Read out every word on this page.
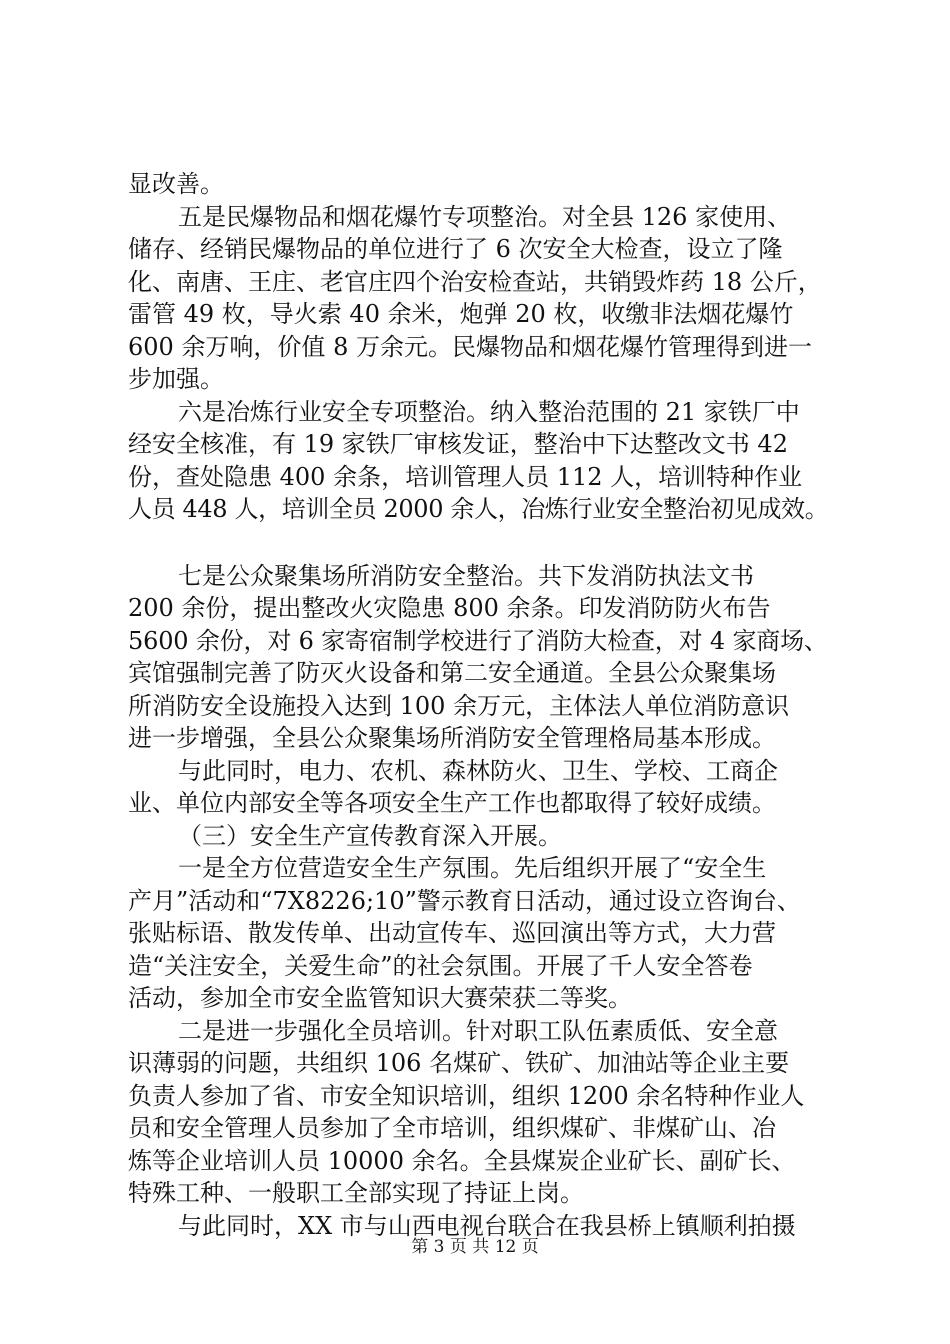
显改善。
五是民爆物品和烟花爆竹专项整治。对全县 126 家使用、
储存、经销民爆物品的单位进行了 6 次安全大检查，设立了隆
化、南唐、王庄、老官庄四个治安检查站，共销毁炸药 18 公斤，
雷管 49 枚，导火索 40 余米，炮弹 20 枚，收缴非法烟花爆竹
600 余万响，价值 8 万余元。民爆物品和烟花爆竹管理得到进一
步加强。
六是冶炼行业安全专项整治。纳入整治范围的 21 家铁厂中
经安全核准，有 19 家铁厂审核发证，整治中下达整改文书 42
份，查处隐患 400 余条，培训管理人员 112 人，培训特种作业
人员 448 人，培训全员 2000 余人，冶炼行业安全整治初见成效。
七是公众聚集场所消防安全整治。共下发消防执法文书
200 余份，提出整改火灾隐患 800 余条。印发消防防火布告
5600 余份，对 6 家寄宿制学校进行了消防大检查，对 4 家商场、
宾馆强制完善了防灭火设备和第二安全通道。全县公众聚集场
所消防安全设施投入达到 100 余万元，主体法人单位消防意识
进一步增强，全县公众聚集场所消防安全管理格局基本形成。
与此同时，电力、农机、森林防火、卫生、学校、工商企
业、单位内部安全等各项安全生产工作也都取得了较好成绩。
（三）安全生产宣传教育深入开展。
一是全方位营造安全生产氛围。先后组织开展了“安全生
产月”活动和“7X8226;10”警示教育日活动，通过设立咨询台、
张贴标语、散发传单、出动宣传车、巡回演出等方式，大力营
造“关注安全，关爱生命”的社会氛围。开展了千人安全答卷
活动，参加全市安全监管知识大赛荣获二等奖。
二是进一步强化全员培训。针对职工队伍素质低、安全意
识薄弱的问题，共组织 106 名煤矿、铁矿、加油站等企业主要
负责人参加了省、市安全知识培训，组织 1200 余名特种作业人
员和安全管理人员参加了全市培训，组织煤矿、非煤矿山、冶
炼等企业培训人员 10000 余名。全县煤炭企业矿长、副矿长、
特殊工种、一般职工全部实现了持证上岗。
与此同时，XX 市与山西电视台联合在我县桥上镇顺利拍摄
第 3 页 共 12 页
